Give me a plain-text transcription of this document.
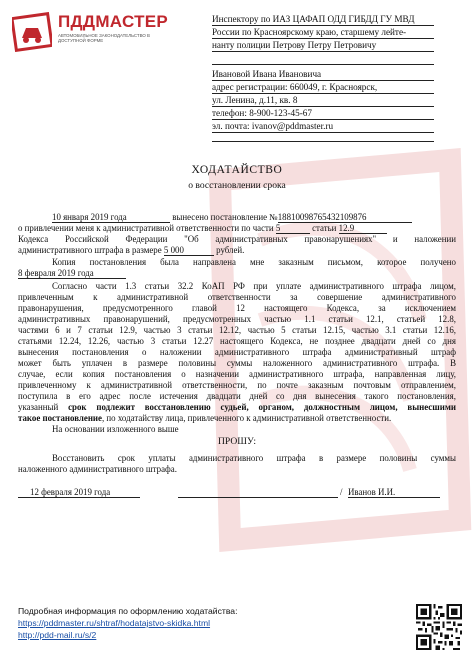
ПДДМАСТЕР
АВТОМОБИЛЬНОЕ ЗАКОНОДАТЕЛЬСТВО В ДОСТУПНОЙ ФОРМЕ
Инспектору по ИАЗ ЦАФАП ОДД ГИБДД ГУ МВД
России по Красноярскому краю, старшему лейте-
нанту полиции Петрову Петру Петровичу
Ивановой Ивана Ивановича
адрес регистрации: 660049, г. Красноярск,
ул. Ленина, д.11, кв. 8
телефон: 8-900-123-45-67
эл. почта: ivanov@pddmaster.ru
ХОДАТАЙСТВО
о восстановлении срока
10 января 2019 года	вынесено постановление №18810098765432109876
о привлечении меня к административной ответственности по части 5	статьи 12.9
Кодекса Российской Федерации "Об административных правонарушениях" и наложении
административного штрафа в размере 5 000	рублей.
Копия постановления была направлена мне заказным письмом, которое получено
8 февраля 2019 года
Согласно части 1.3 статьи 32.2 КоАП РФ при уплате административного штрафа лицом,
привлеченным к административной ответственности за совершение административного
правонарушения, предусмотренного главой 12 настоящего Кодекса, за исключением
административных правонарушений, предусмотренных частью 1.1 статьи 12.1, статьей 12.8,
частями 6 и 7 статьи 12.9, частью 3 статьи 12.12, частью 5 статьи 12.15, частью 3.1 статьи 12.16,
статьями 12.24, 12.26, частью 3 статьи 12.27 настоящего Кодекса, не позднее двадцати дней со дня
вынесения постановления о наложении административного штрафа административный штраф
может быть уплачен в размере половины суммы наложенного административного штрафа. В
случае, если копия постановления о назначении административного штрафа, направленная лицу,
привлеченному к административной ответственности, по почте заказным почтовым отправлением,
поступила в его адрес после истечения двадцати дней со дня вынесения такого постановления,
указанный срок подлежит восстановлению судьей, органом, должностным лицом, вынесшими
такое постановление, по ходатайству лица, привлеченного к административной ответственности.
На основании изложенного выше
ПРОШУ:
Восстановить срок уплаты административного штрафа в размере половины суммы
наложенного административного штрафа.
12 февраля 2019 года
	/ Иванов И.И.
Подробная информация по оформлению ходатайства:
https://pddmaster.ru/shtraf/hodatajstvo-skidka.html
http://pdd-mail.ru/s/2
